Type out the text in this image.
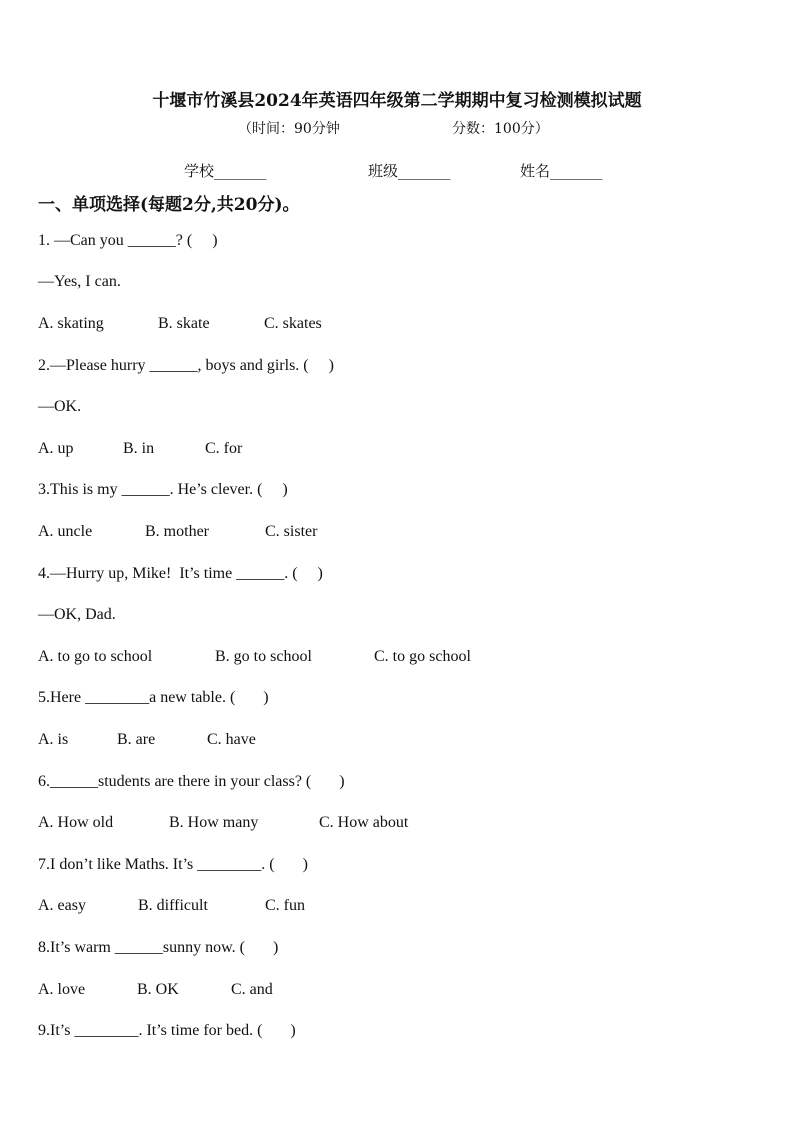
十堰市竹溪县2024年英语四年级第二学期期中复习检测模拟试题
（时间：90分钟	分数：100分）
学校_______	班级_______	姓名_______
一、单项选择(每题2分,共20分)。
1. —Can you ______? (     )
—Yes, I can.
A. skating	B. skate	C. skates
2.—Please hurry ______, boys and girls. (     )
—OK.
A. up	B. in	C. for
3.This is my ______. He’s clever. (     )
A. uncle	B. mother	C. sister
4.—Hurry up, Mike!  It’s time ______. (     )
—OK, Dad.
A. to go to school	B. go to school	C. to go school
5.Here ________a new table. (       )
A. is	B. are	C. have
6.______students are there in your class? (       )
A. How old	B. How many	C. How about
7.I don’t like Maths. It’s ________. (       )
A. easy	B. difficult	C. fun
8.It’s warm ______sunny now. (       )
A. love	B. OK	C. and
9.It’s ________. It’s time for bed. (       )
